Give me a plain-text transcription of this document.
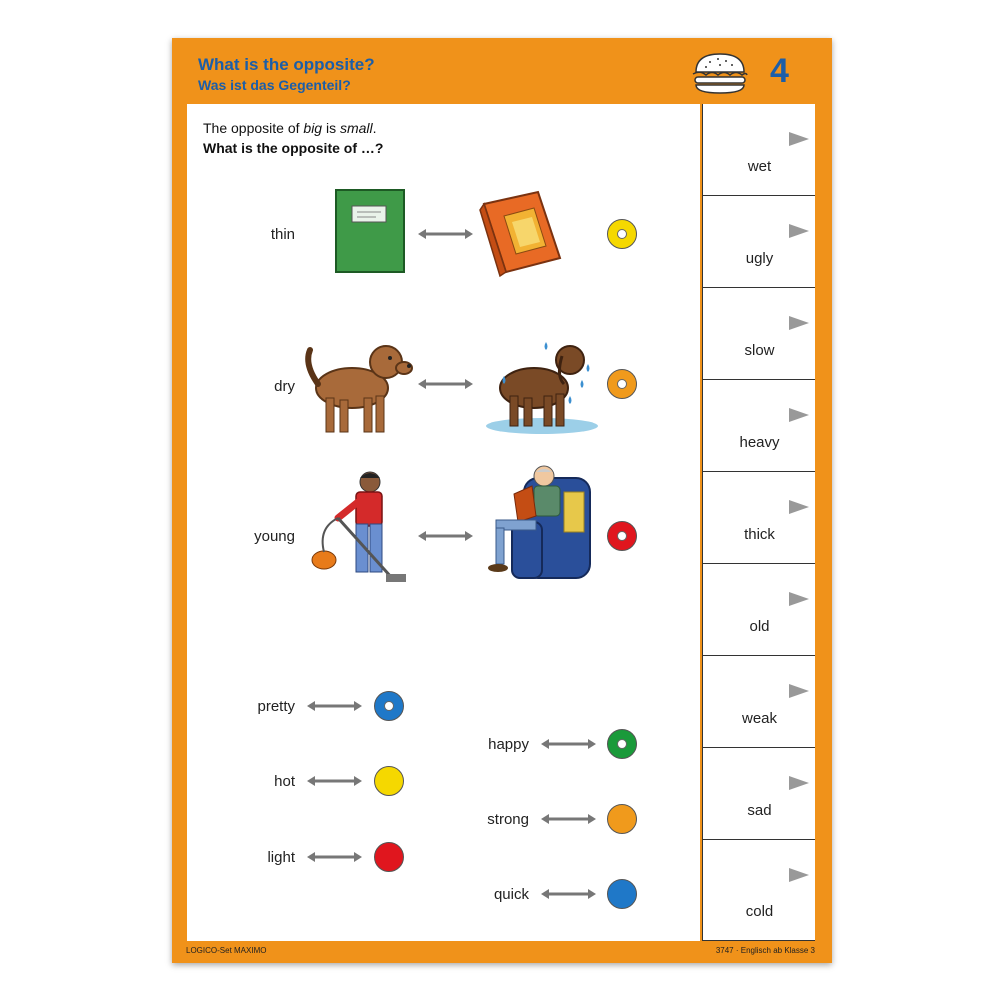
What is the opposite?
Was ist das Gegenteil?	4
The opposite of big is small.
What is the opposite of …?
thin
dry
young
pretty
hot
light
happy
strong
quick
wet
ugly
slow
heavy
thick
old
weak
sad
cold
LOGICO-Set MAXIMO	3747 · Englisch ab Klasse 3
